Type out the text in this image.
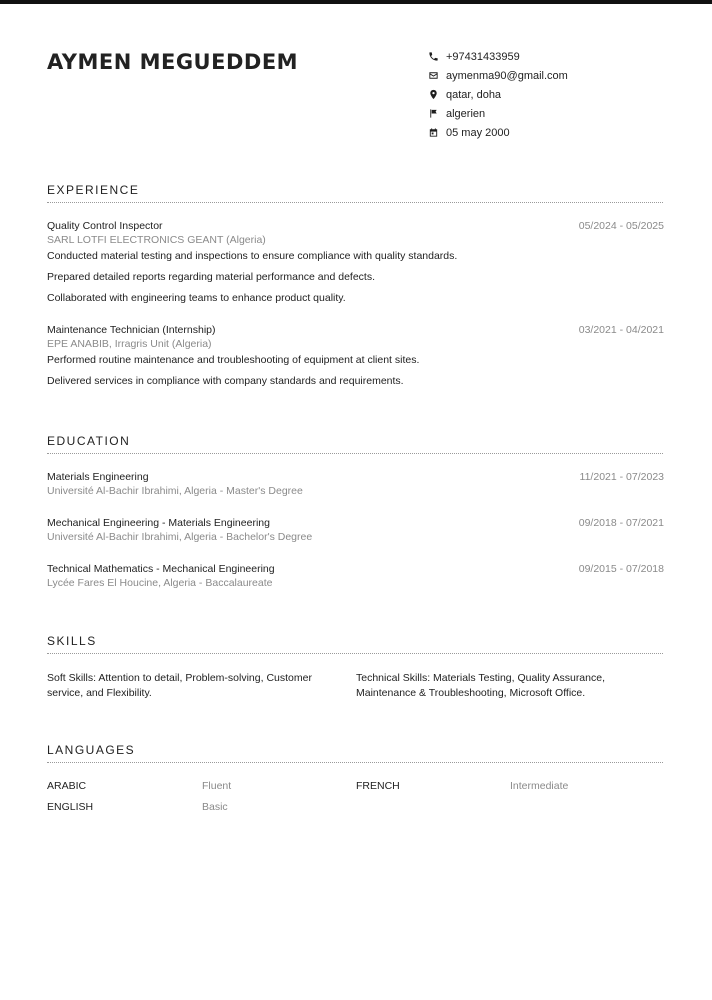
AYMEN MEGUEDDEM	+97431433959
aymenma90@gmail.com
qatar, doha
algerien
05 may 2000
EXPERIENCE
Quality Control Inspector	05/2024 - 05/2025
SARL LOTFI ELECTRONICS GEANT (Algeria)
Conducted material testing and inspections to ensure compliance with quality standards.
Prepared detailed reports regarding material performance and defects.
Collaborated with engineering teams to enhance product quality.
Maintenance Technician (Internship)	03/2021 - 04/2021
EPE ANABIB, Irragris Unit (Algeria)
Performed routine maintenance and troubleshooting of equipment at client sites.
Delivered services in compliance with company standards and requirements.
EDUCATION
Materials Engineering	11/2021 - 07/2023
Université Al-Bachir Ibrahimi, Algeria - Master's Degree
Mechanical Engineering - Materials Engineering	09/2018 - 07/2021
Université Al-Bachir Ibrahimi, Algeria - Bachelor's Degree
Technical Mathematics - Mechanical Engineering	09/2015 - 07/2018
Lycée Fares El Houcine, Algeria - Baccalaureate
SKILLS
Soft Skills: Attention to detail, Problem-solving, Customer service, and Flexibility.
Technical Skills: Materials Testing, Quality Assurance, Maintenance & Troubleshooting, Microsoft Office.
LANGUAGES
ARABIC	Fluent	FRENCH	Intermediate
ENGLISH	Basic
